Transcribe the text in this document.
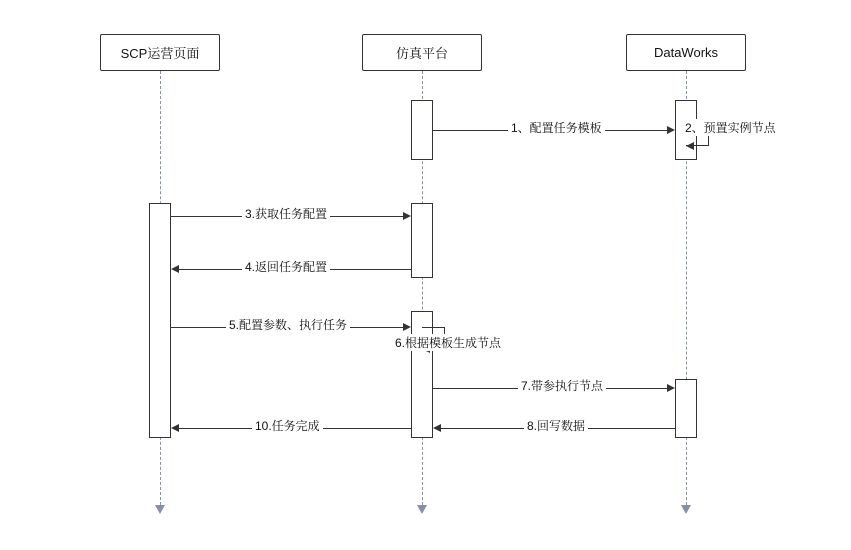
SCP运营页面	仿真平台	DataWorks
1、配置任务模板	2、预置实例节点
3.获取任务配置
4.返回任务配置
5.配置参数、执行任务
6.根据模板生成节点
7.带参执行节点
8.回写数据
10.任务完成
